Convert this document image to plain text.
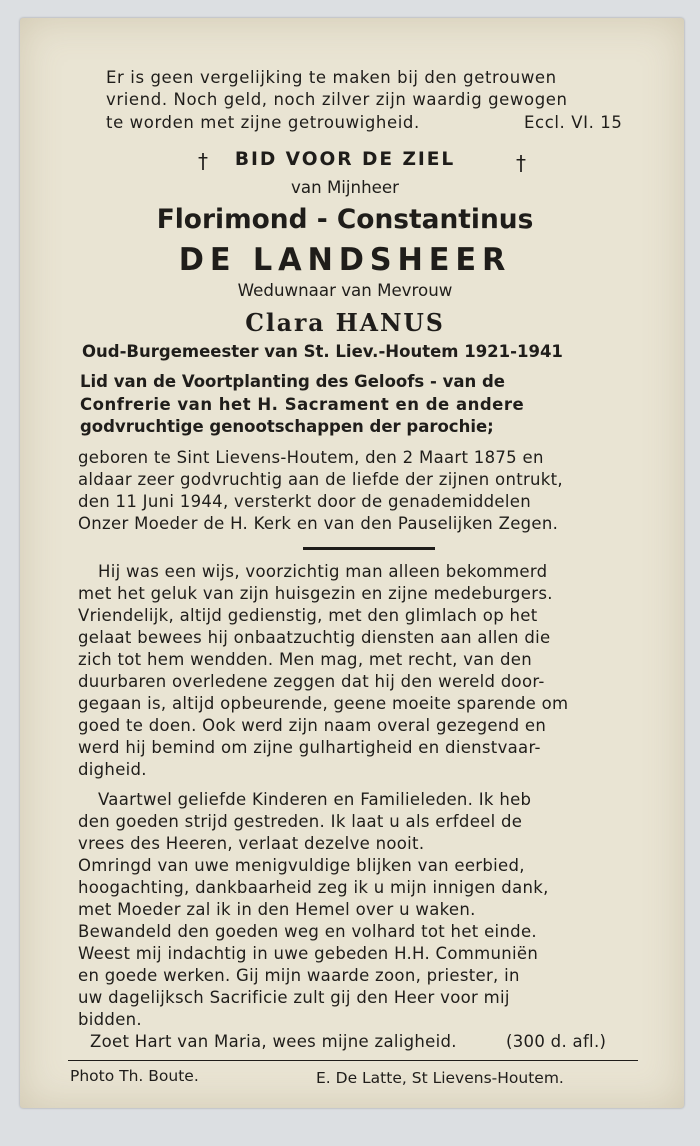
Er is geen vergelijking te maken bij den getrouwen
vriend. Noch geld, noch zilver zijn waardig gewogen
te worden met zijne getrouwigheid.	Eccl. VI. 15
†	BID VOOR DE ZIEL	†
van Mijnheer
Florimond - Constantinus
DE LANDSHEER
Weduwnaar van Mevrouw
Clara HANUS
Oud-Burgemeester van St. Liev.-Houtem 1921-1941
Lid van de Voortplanting des Geloofs - van de
Confrerie van het H. Sacrament en de andere
godvruchtige genootschappen der parochie;
geboren te Sint Lievens-Houtem, den 2 Maart 1875 en
aldaar zeer godvruchtig aan de liefde der zijnen ontrukt,
den 11 Juni 1944, versterkt door de genademiddelen
Onzer Moeder de H. Kerk en van den Pauselijken Zegen.
Hij was een wijs, voorzichtig man alleen bekommerd
met het geluk van zijn huisgezin en zijne medeburgers.
Vriendelijk, altijd gedienstig, met den glimlach op het
gelaat bewees hij onbaatzuchtig diensten aan allen die
zich tot hem wendden. Men mag, met recht, van den
duurbaren overledene zeggen dat hij den wereld door-
gegaan is, altijd opbeurende, geene moeite sparende om
goed te doen. Ook werd zijn naam overal gezegend en
werd hij bemind om zijne gulhartigheid en dienstvaar-
digheid.
Vaartwel geliefde Kinderen en Familieleden. Ik heb
den goeden strijd gestreden. Ik laat u als erfdeel de
vrees des Heeren, verlaat dezelve nooit.
Omringd van uwe menigvuldige blijken van eerbied,
hoogachting, dankbaarheid zeg ik u mijn innigen dank,
met Moeder zal ik in den Hemel over u waken.
Bewandeld den goeden weg en volhard tot het einde.
Weest mij indachtig in uwe gebeden H.H. Communiën
en goede werken. Gij mijn waarde zoon, priester, in
uw dagelijksch Sacrificie zult gij den Heer voor mij
bidden.
Zoet Hart van Maria, wees mijne zaligheid.	(300 d. afl.)
Photo Th. Boute.	E. De Latte, St Lievens-Houtem.
